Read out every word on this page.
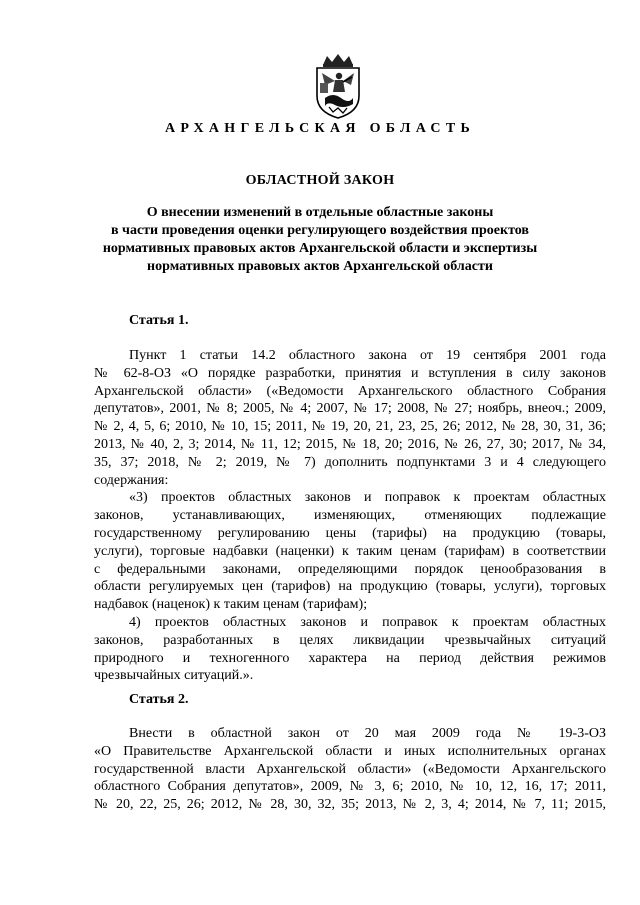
АРХАНГЕЛЬСКАЯ ОБЛАСТЬ
ОБЛАСТНОЙ ЗАКОН
О внесении изменений в отдельные областные законы
в части проведения оценки регулирующего воздействия проектов
нормативных правовых актов Архангельской области и экспертизы
нормативных правовых актов Архангельской области
Статья 1.
Пункт 1 статьи 14.2 областного закона от 19 сентября 2001 года
№ 62-8-ОЗ «О порядке разработки, принятия и вступления в силу законов
Архангельской области» («Ведомости Архангельского областного Собрания
депутатов», 2001, № 8; 2005, № 4; 2007, № 17; 2008, № 27; ноябрь, внеоч.; 2009,
№ 2, 4, 5, 6; 2010, № 10, 15; 2011, № 19, 20, 21, 23, 25, 26; 2012, № 28, 30, 31, 36;
2013, № 40, 2, 3; 2014, № 11, 12; 2015, № 18, 20; 2016, № 26, 27, 30; 2017, № 34,
35, 37; 2018, № 2; 2019, № 7) дополнить подпунктами 3 и 4 следующего
содержания:
«3) проектов областных законов и поправок к проектам областных
законов, устанавливающих, изменяющих, отменяющих подлежащие
государственному регулированию цены (тарифы) на продукцию (товары,
услуги), торговые надбавки (наценки) к таким ценам (тарифам) в соответствии
с федеральными законами, определяющими порядок ценообразования в
области регулируемых цен (тарифов) на продукцию (товары, услуги), торговых
надбавок (наценок) к таким ценам (тарифам);
4) проектов областных законов и поправок к проектам областных
законов, разработанных в целях ликвидации чрезвычайных ситуаций
природного и техногенного характера на период действия режимов
чрезвычайных ситуаций.».
Статья 2.
Внести в областной закон от 20 мая 2009 года № 19-3-ОЗ
«О Правительстве Архангельской области и иных исполнительных органах
государственной власти Архангельской области» («Ведомости Архангельского
областного Собрания депутатов», 2009, № 3, 6; 2010, № 10, 12, 16, 17; 2011,
№ 20, 22, 25, 26; 2012, № 28, 30, 32, 35; 2013, № 2, 3, 4; 2014, № 7, 11; 2015,
